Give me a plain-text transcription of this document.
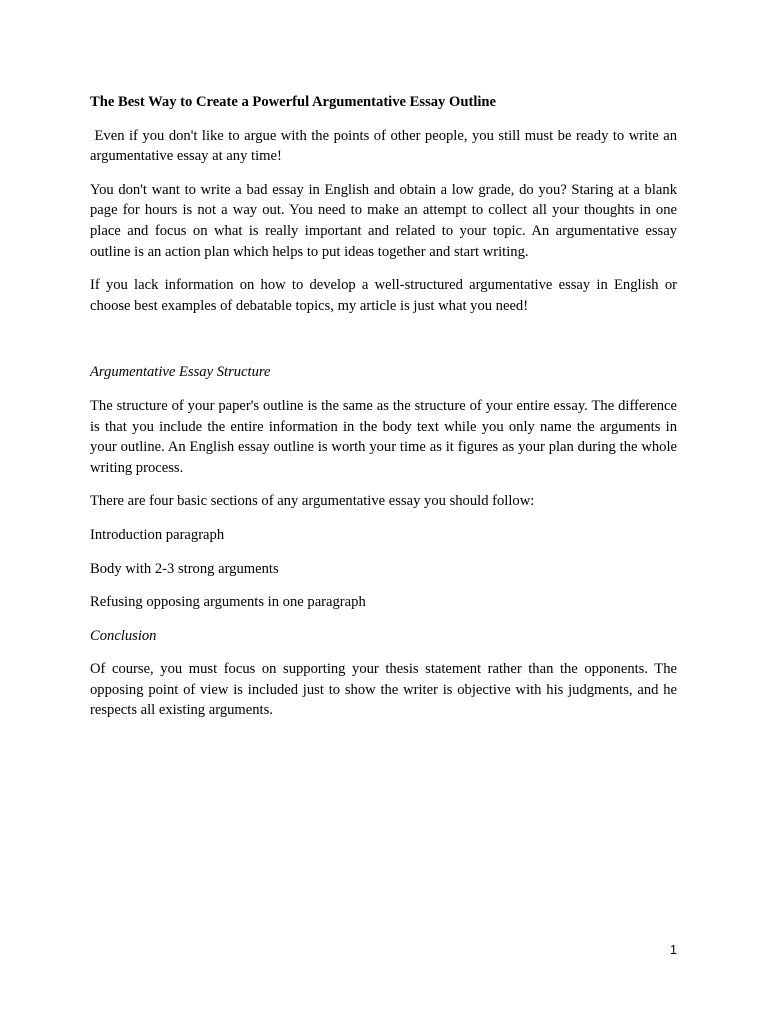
The Best Way to Create a Powerful Argumentative Essay Outline

Even if you don't like to argue with the points of other people, you still must be ready to write an argumentative essay at any time!

You don't want to write a bad essay in English and obtain a low grade, do you? Staring at a blank page for hours is not a way out. You need to make an attempt to collect all your thoughts in one place and focus on what is really important and related to your topic. An argumentative essay outline is an action plan which helps to put ideas together and start writing.

If you lack information on how to develop a well-structured argumentative essay in English or choose best examples of debatable topics, my article is just what you need!

Argumentative Essay Structure

The structure of your paper's outline is the same as the structure of your entire essay. The difference is that you include the entire information in the body text while you only name the arguments in your outline. An English essay outline is worth your time as it figures as your plan during the whole writing process.

There are four basic sections of any argumentative essay you should follow:

Introduction paragraph

Body with 2-3 strong arguments

Refusing opposing arguments in one paragraph

Conclusion

Of course, you must focus on supporting your thesis statement rather than the opponents. The opposing point of view is included just to show the writer is objective with his judgments, and he respects all existing arguments.

1
